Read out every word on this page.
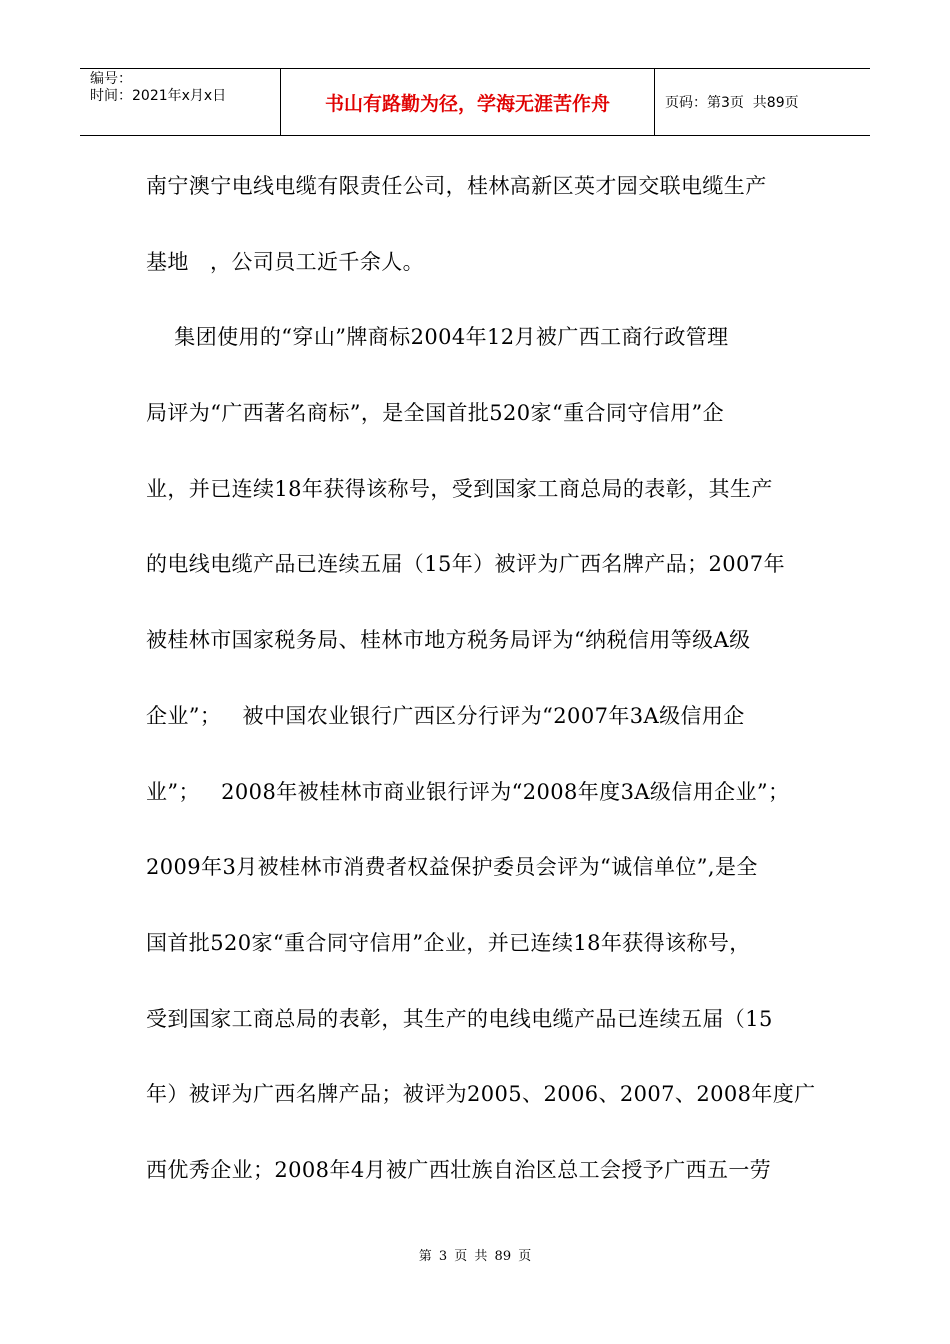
编号：
时间：2021年x月x日	书山有路勤为径，学海无涯苦作舟	页码：第3页  共89页
南宁澳宁电线电缆有限责任公司，桂林高新区英才园交联电缆生产
基地   ，公司员工近千余人。
集团使用的“穿山”牌商标2004年12月被广西工商行政管理
局评为“广西著名商标”，是全国首批520家“重合同守信用”企
业，并已连续18年获得该称号，受到国家工商总局的表彰，其生产
的电线电缆产品已连续五届（15年）被评为广西名牌产品；2007年
被桂林市国家税务局、桂林市地方税务局评为“纳税信用等级A级
企业”；   被中国农业银行广西区分行评为“2007年3A级信用企
业”；   2008年被桂林市商业银行评为“2008年度3A级信用企业”；
2009年3月被桂林市消费者权益保护委员会评为“诚信单位”,是全
国首批520家“重合同守信用”企业，并已连续18年获得该称号，
受到国家工商总局的表彰，其生产的电线电缆产品已连续五届（15
年）被评为广西名牌产品；被评为2005、2006、2007、2008年度广
西优秀企业；2008年4月被广西壮族自治区总工会授予广西五一劳
第 3 页 共 89 页
